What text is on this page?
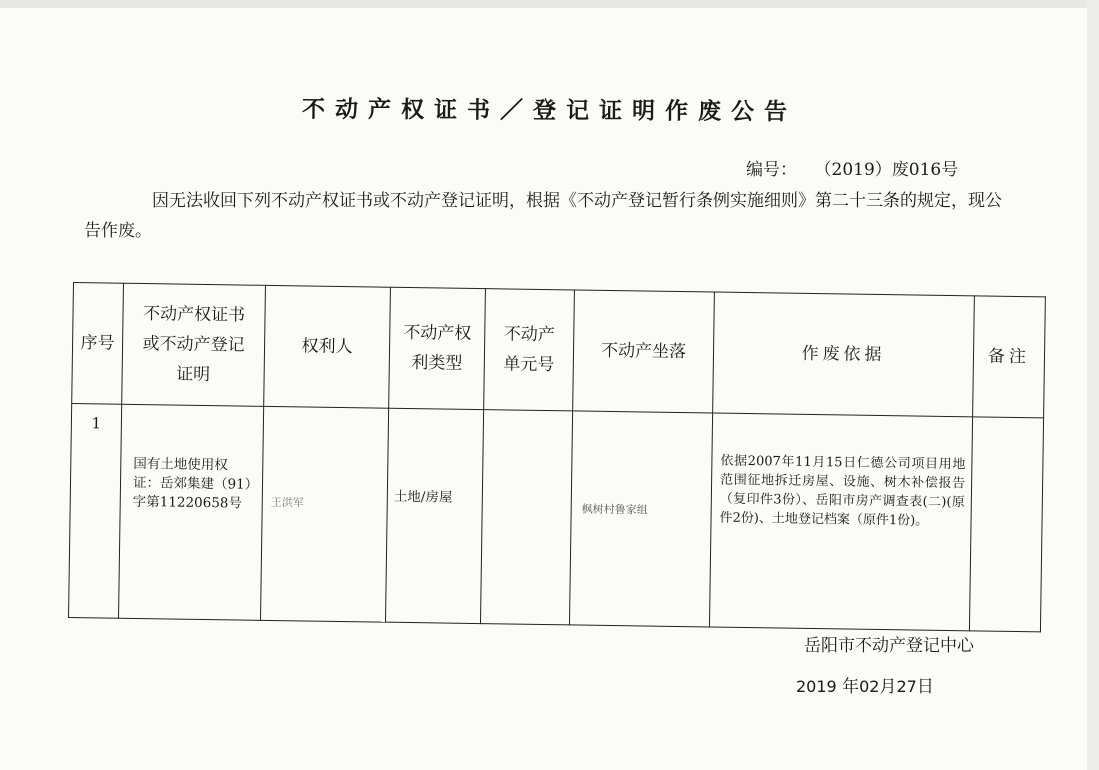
不动产权证书／登记证明作废公告
编号： （2019）废016号
因无法收回下列不动产权证书或不动产登记证明，根据《不动产登记暂行条例实施细则》第二十三条的规定，现公告作废。
序号	不动产权证书或不动产登记证明	权利人	不动产权利类型	不动产单元号	不动产坐落	作废依据	备注
1	国有土地使用权证：岳郊集建（91）字第11220658号	王洪军	土地/房屋		枫树村鲁家组	依据2007年11月15日仁德公司项目用地范围征地拆迁房屋、设施、树木补偿报告（复印件3份）、岳阳市房产调查表(二)(原件2份)、土地登记档案（原件1份)。	
岳阳市不动产登记中心
2019 年02月27日
